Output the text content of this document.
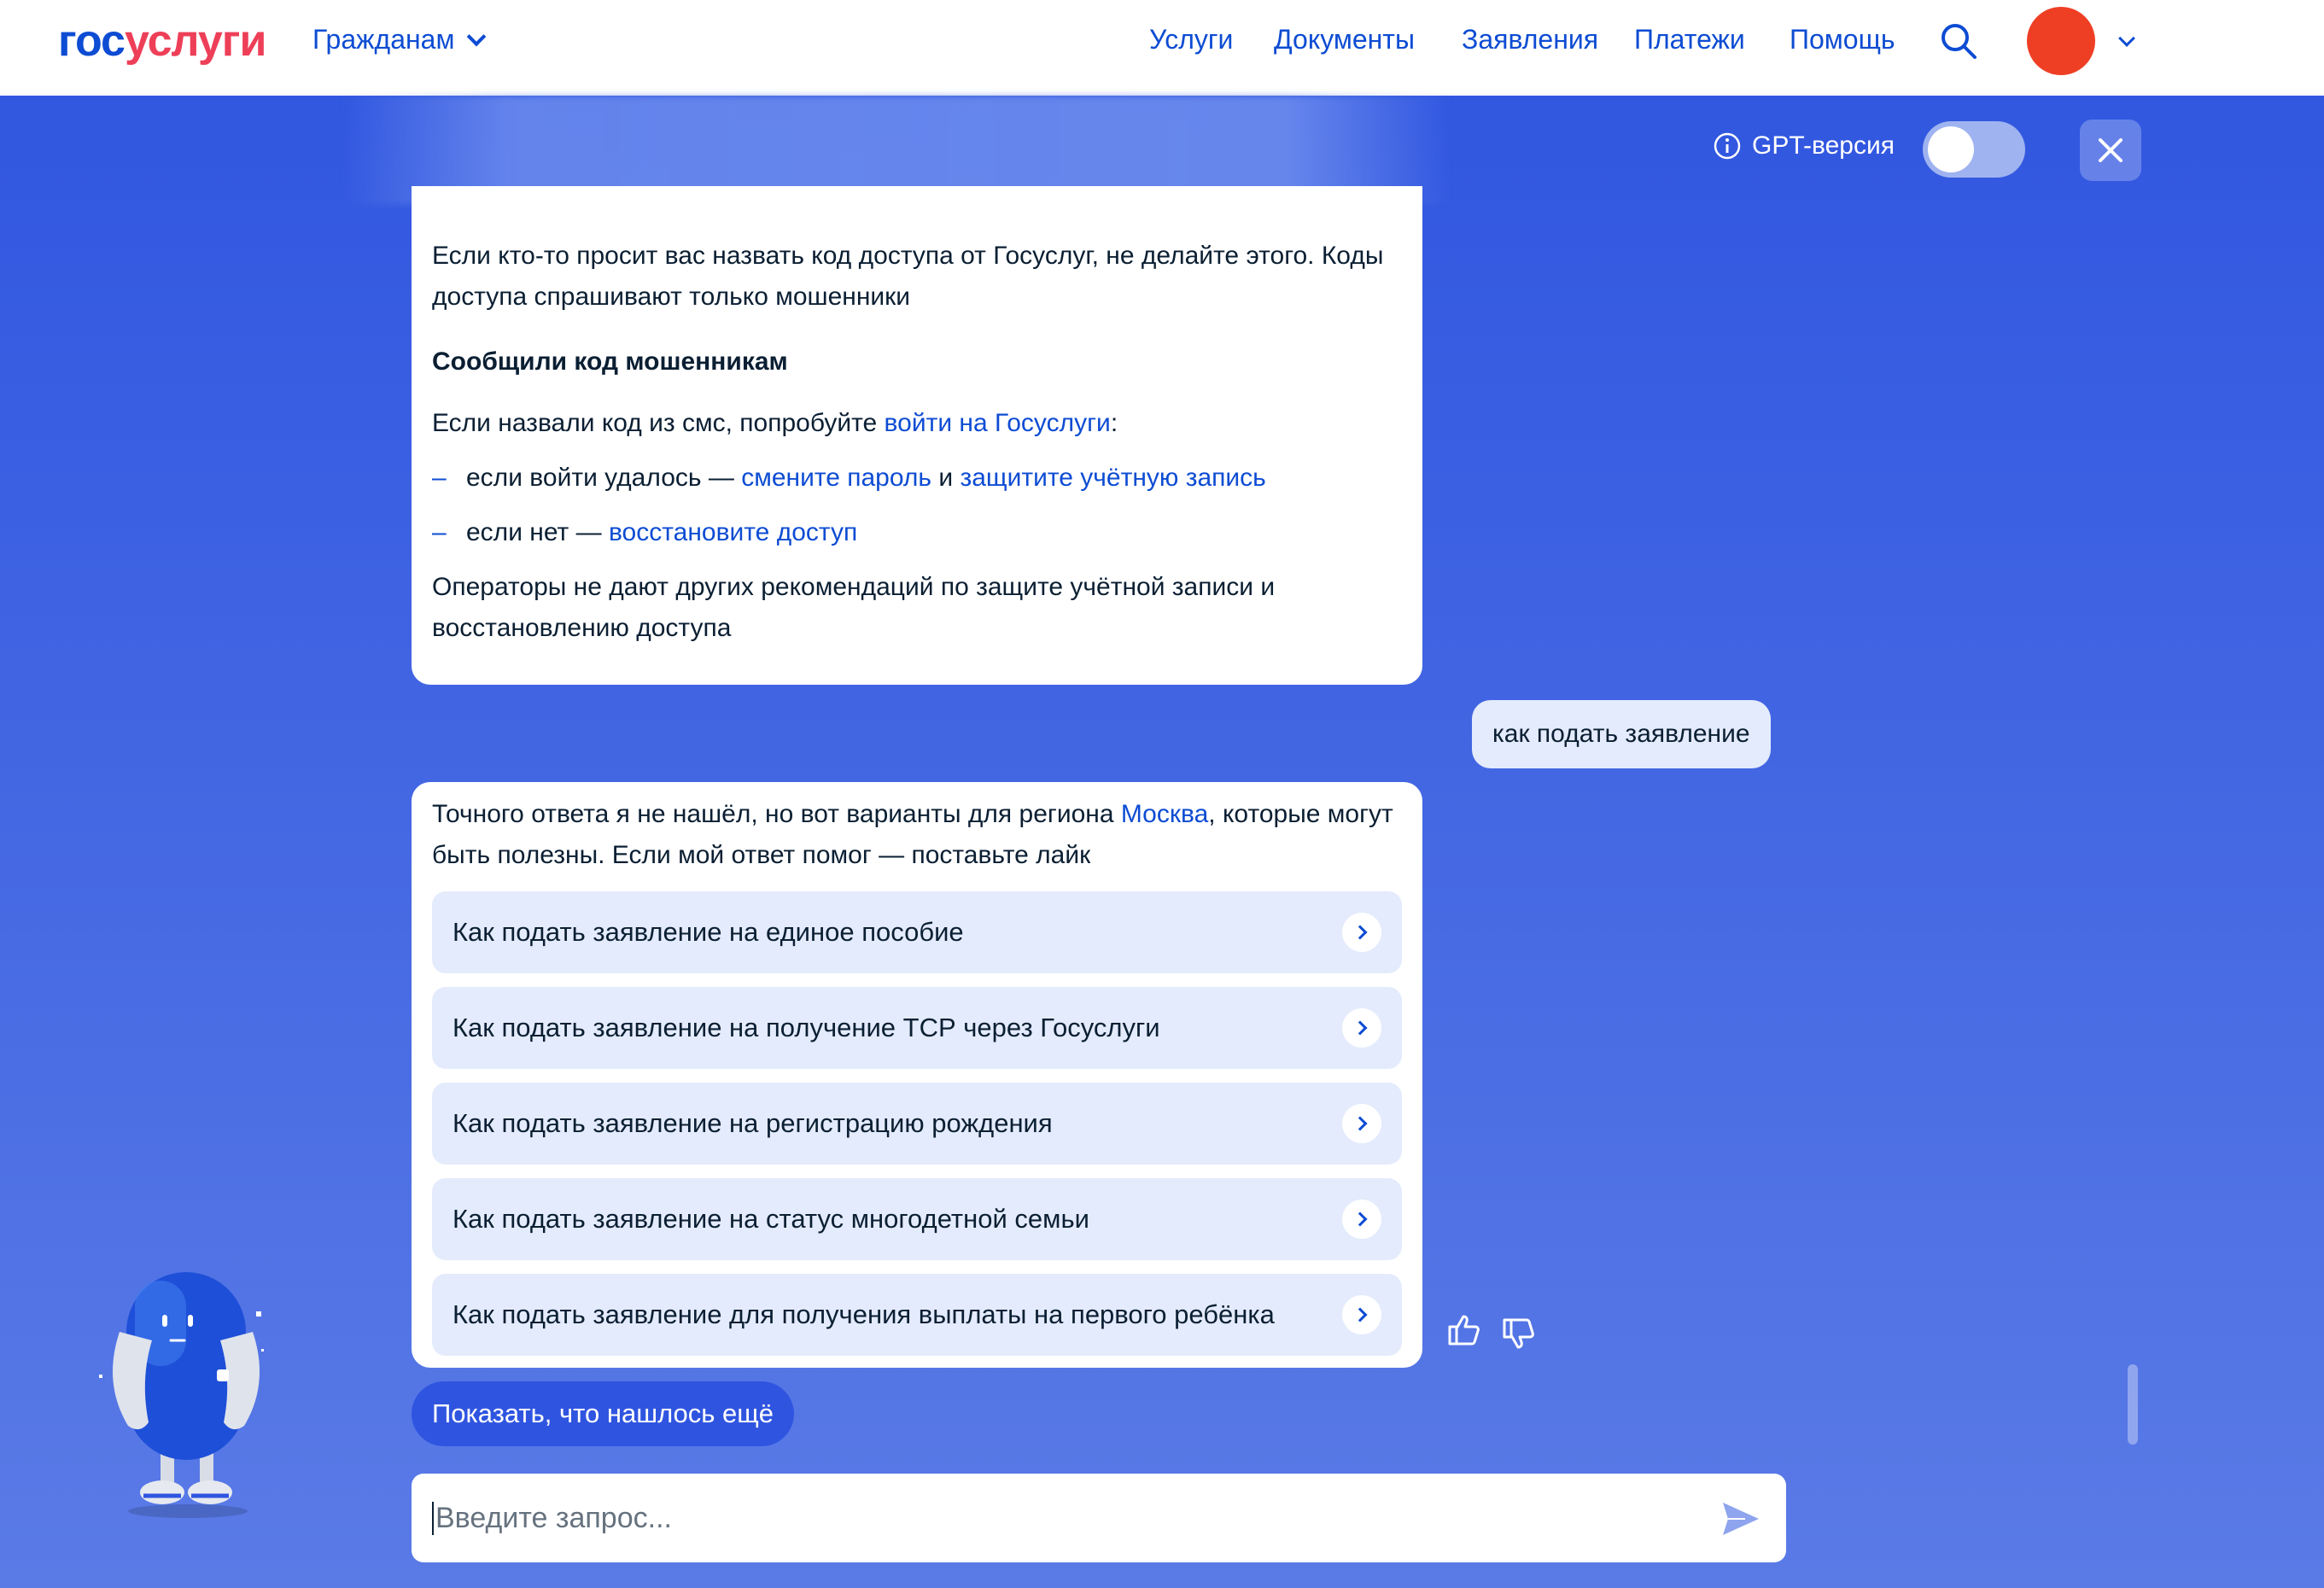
госуслуги Гражданам	Услуги Документы Заявления Платежи Помощь
GPT-версия

Если кто-то просит вас назвать код доступа от Госуслуг, не делайте этого. Коды доступа спрашивают только мошенники

Сообщили код мошенникам

Если назвали код из смс, попробуйте войти на Госуслуги:

– если войти удалось — смените пароль и защитите учётную запись
– если нет — восстановите доступ

Операторы не дают других рекомендаций по защите учётной записи и восстановлению доступа

как подать заявление

Точного ответа я не нашёл, но вот варианты для региона Москва, которые могут быть полезны. Если мой ответ помог — поставьте лайк

Как подать заявление на единое пособие
Как подать заявление на получение ТСР через Госуслуги
Как подать заявление на регистрацию рождения
Как подать заявление на статус многодетной семьи
Как подать заявление для получения выплаты на первого ребёнка
Показать, что нашлось ещё
Введите запрос...
